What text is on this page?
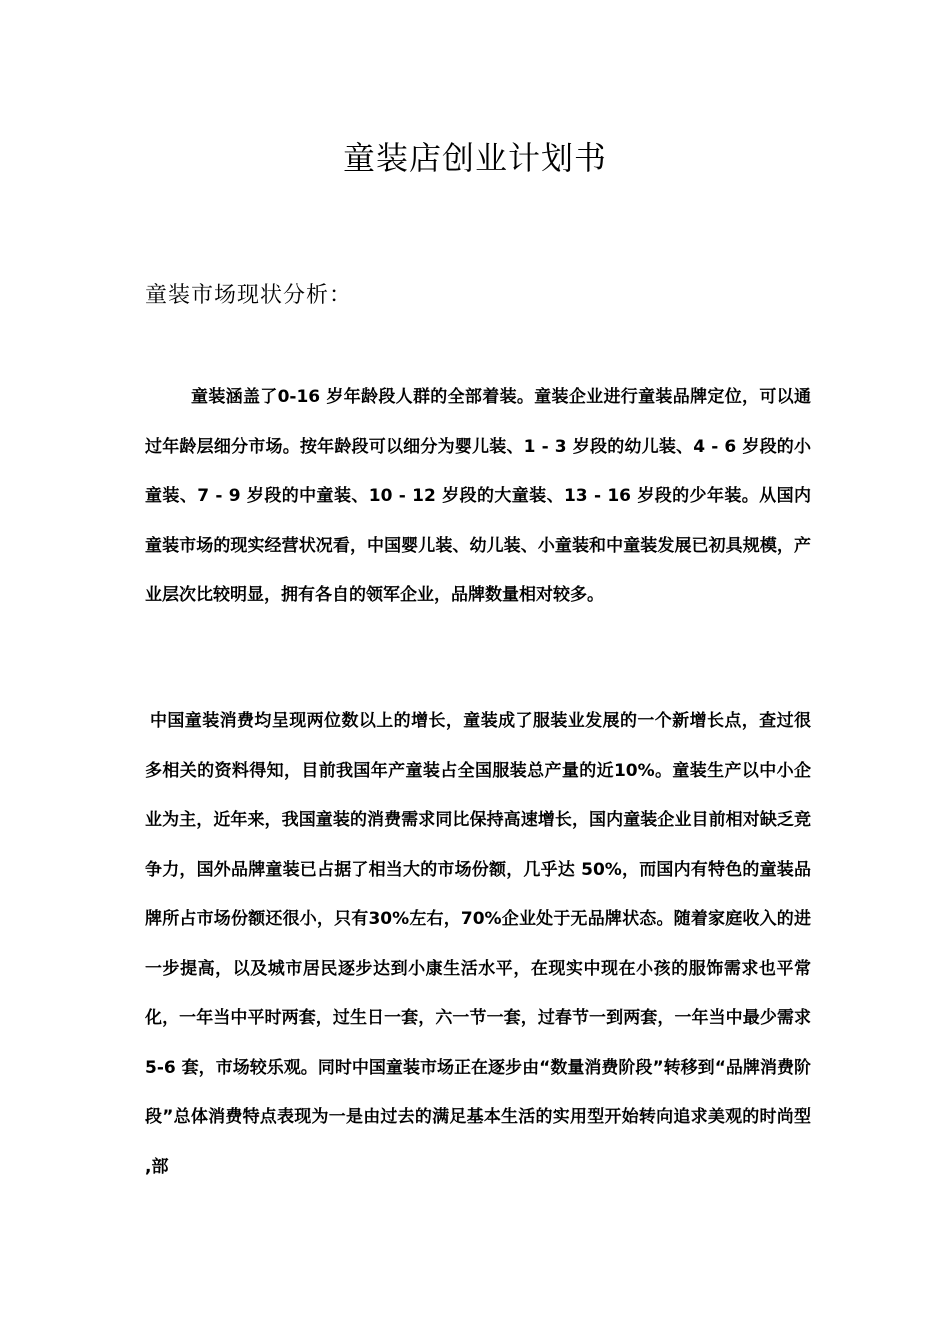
童装店创业计划书
童装市场现状分析：

童装涵盖了0-16 岁年龄段人群的全部着装。童装企业进行童装品牌定位，可以通过年龄层细分市场。按年龄段可以细分为婴儿装、1 - 3 岁段的幼儿装、4 - 6 岁段的小童装、7 - 9 岁段的中童装、10 - 12 岁段的大童装、13 - 16 岁段的少年装。从国内童装市场的现实经营状况看，中国婴儿装、幼儿装、小童装和中童装发展已初具规模，产业层次比较明显，拥有各自的领军企业，品牌数量相对较多。

中国童装消费均呈现两位数以上的增长，童装成了服装业发展的一个新增长点，查过很多相关的资料得知，目前我国年产童装占全国服装总产量的近10%。童装生产以中小企业为主，近年来，我国童装的消费需求同比保持高速增长，国内童装企业目前相对缺乏竞争力，国外品牌童装已占据了相当大的市场份额，几乎达 50%，而国内有特色的童装品牌所占市场份额还很小，只有30%左右，70%企业处于无品牌状态。随着家庭收入的进一步提高，以及城市居民逐步达到小康生活水平，在现实中现在小孩的服饰需求也平常化，一年当中平时两套，过生日一套，六一节一套，过春节一到两套，一年当中最少需求5-6 套，市场较乐观。同时中国童装市场正在逐步由“数量消费阶段”转移到“品牌消费阶段”总体消费特点表现为一是由过去的满足基本生活的实用型开始转向追求美观的时尚型 ,部
